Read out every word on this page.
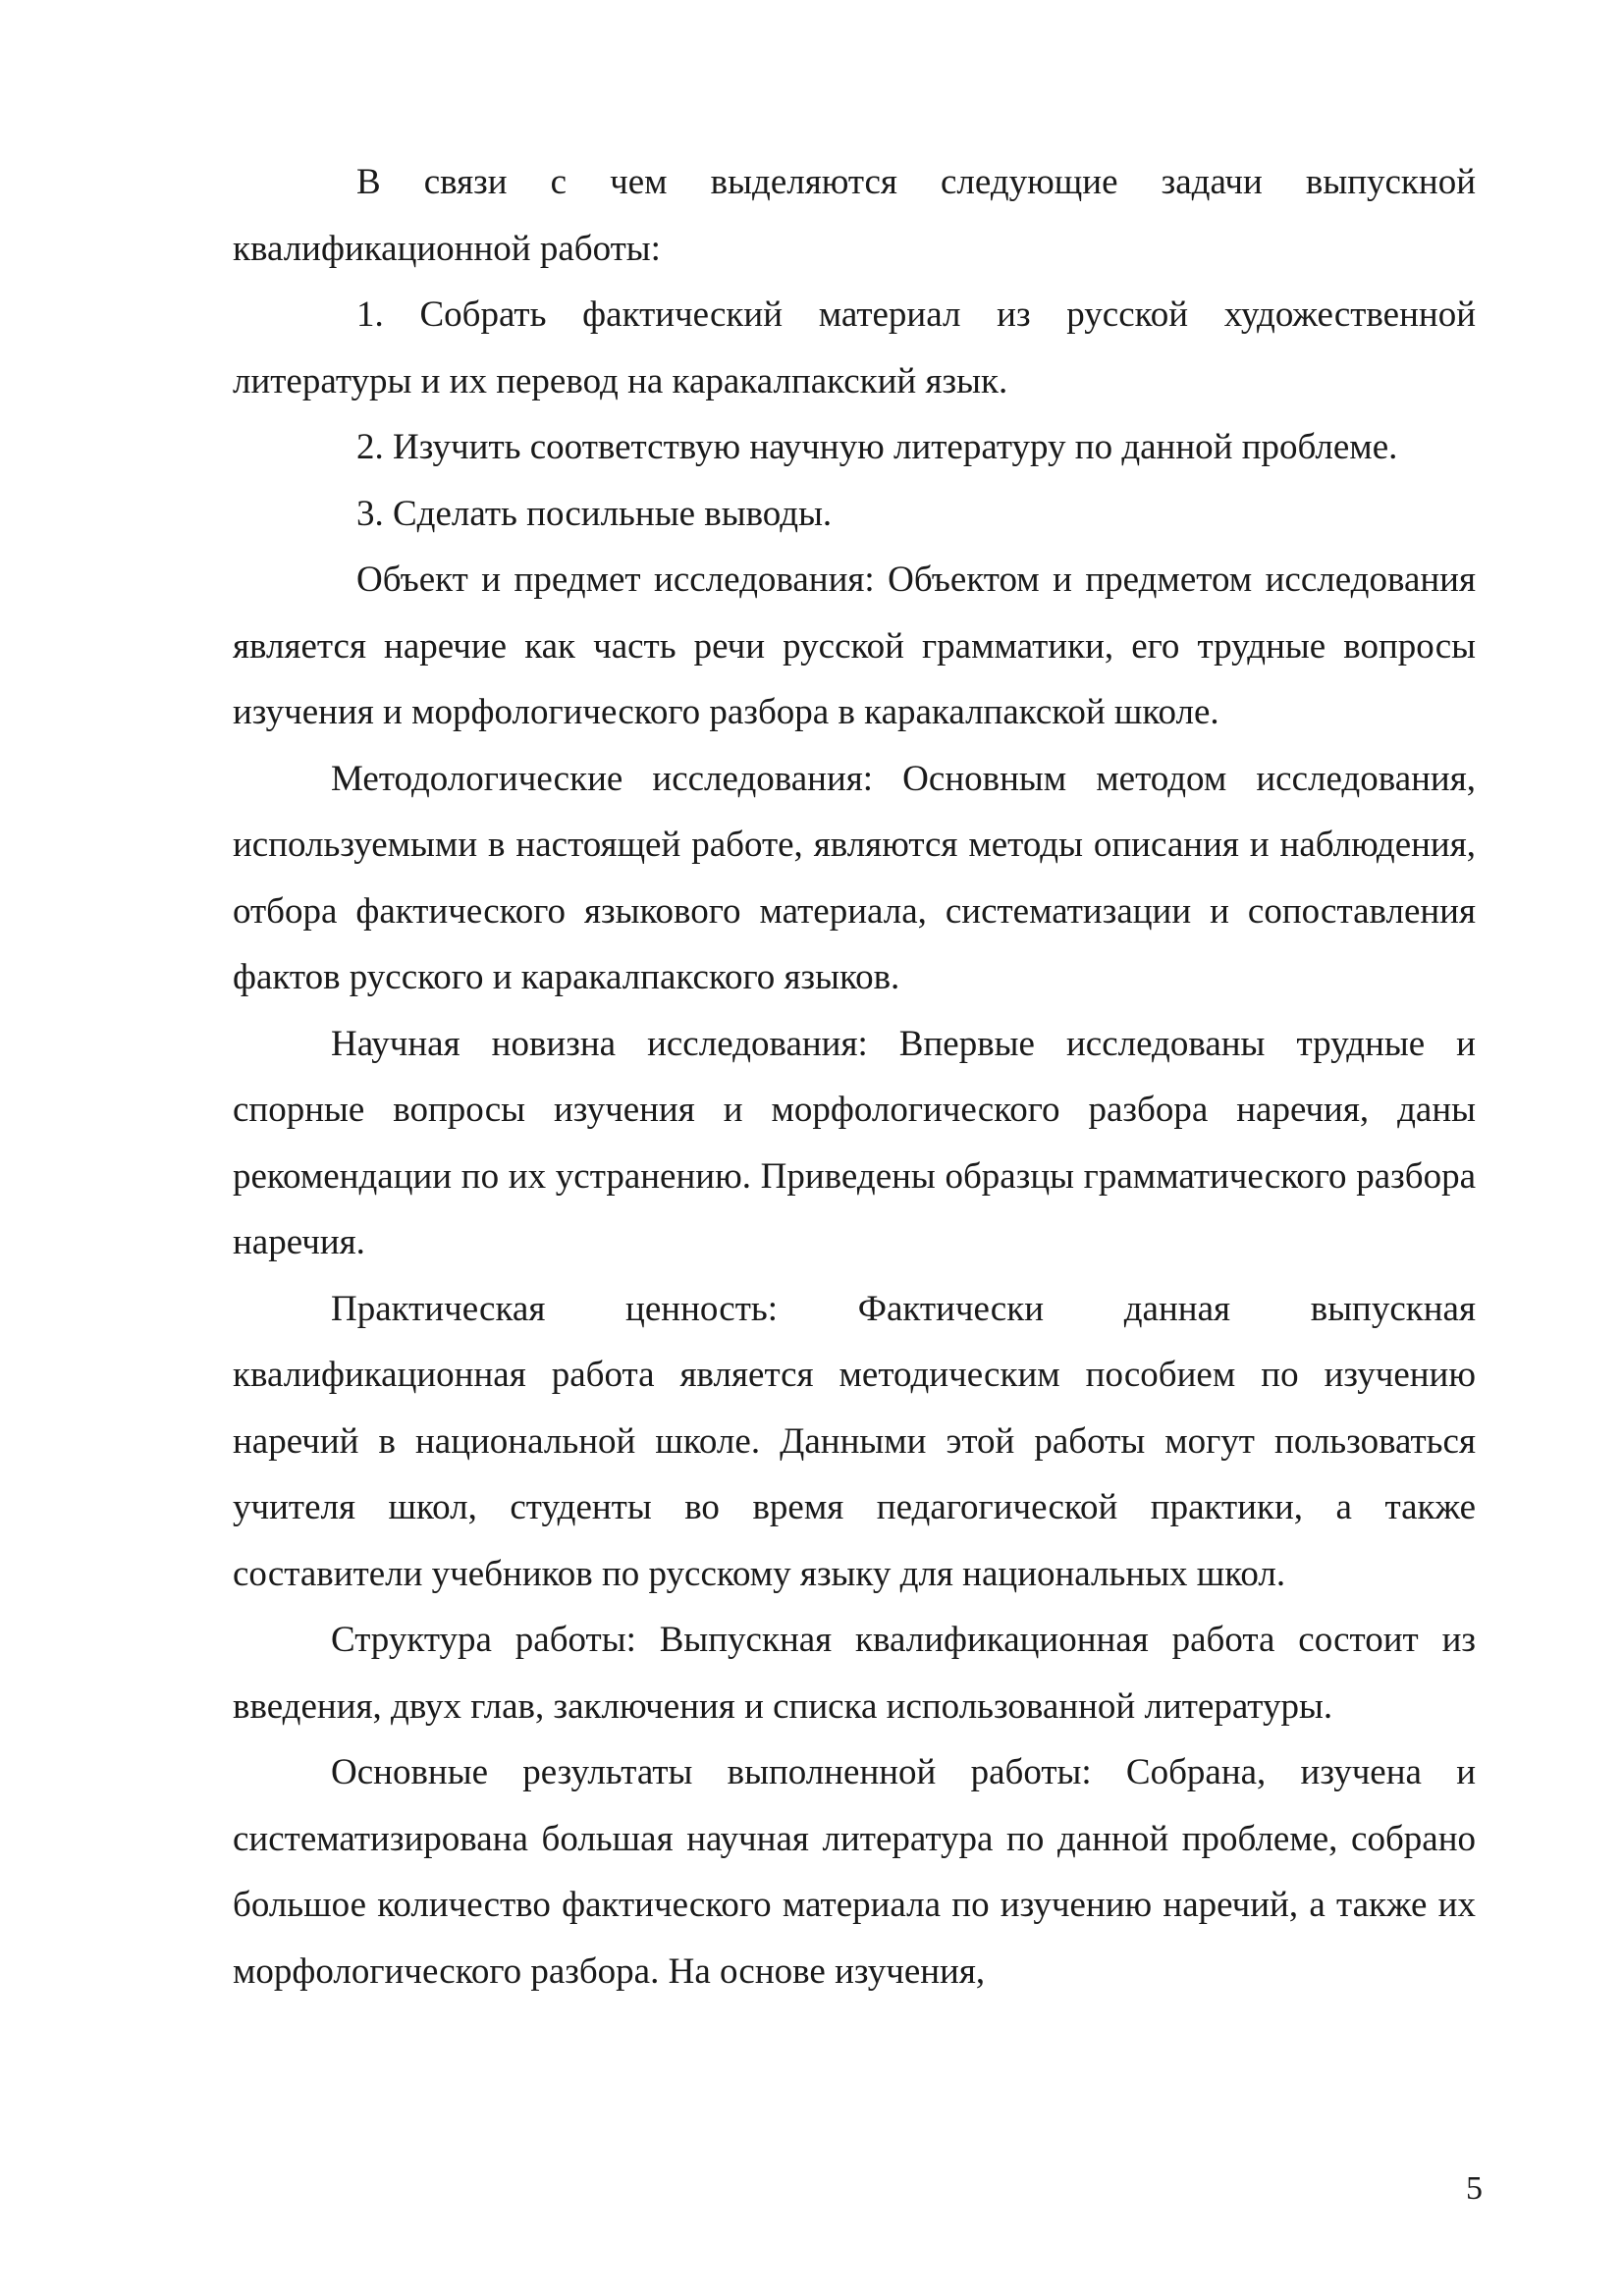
В связи с чем выделяются следующие задачи выпускной квалификационной работы:

1. Собрать фактический материал из русской художественной литературы и их перевод на каракалпакский язык.

2. Изучить соответствую научную литературу по данной проблеме.

3. Сделать посильные выводы.

Объект и предмет исследования: Объектом и предметом исследования является наречие как часть речи русской грамматики, его трудные вопросы изучения и морфологического разбора в каракалпакской школе.

Методологические исследования: Основным методом исследования, используемыми в настоящей работе, являются методы описания и наблюдения, отбора фактического языкового материала, систематизации и сопоставления фактов русского и каракалпакского языков.

Научная новизна исследования: Впервые исследованы трудные и спорные вопросы изучения и морфологического разбора наречия, даны рекомендации по их устранению. Приведены образцы грамматического разбора наречия.

Практическая ценность: Фактически данная выпускная квалификационная работа является методическим пособием по изучению наречий в национальной школе. Данными этой работы могут пользоваться учителя школ, студенты во время педагогической практики, а также составители учебников по русскому языку для национальных школ.

Структура работы: Выпускная квалификационная работа состоит из введения, двух глав, заключения и списка использованной литературы.

Основные результаты выполненной работы: Собрана, изучена и систематизирована большая научная литература по данной проблеме, собрано большое количество фактического материала по изучению наречий, а также их морфологического разбора. На основе изучения,

5
